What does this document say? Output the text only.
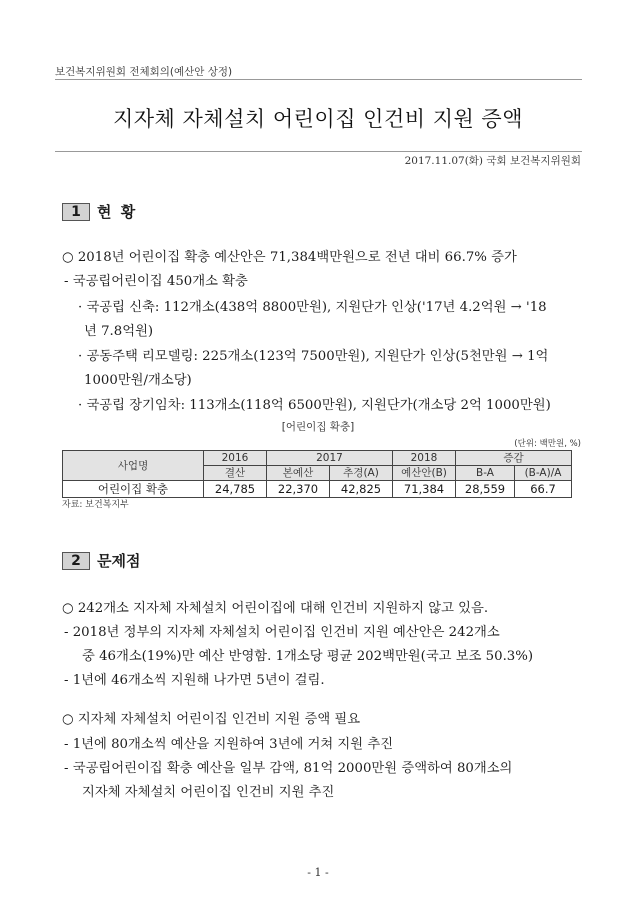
보건복지위원회 전체회의(예산안 상정)
지자체 자체설치 어린이집 인건비 지원 증액
2017.11.07(화) 국회 보건복지위원회
1	현 황
○ 2018년 어린이집 확충 예산안은 71,384백만원으로 전년 대비 66.7% 증가
- 국공립어린이집 450개소 확충
· 국공립 신축: 112개소(438억 8800만원), 지원단가 인상('17년 4.2억원 → '18
년 7.8억원)
· 공동주택 리모델링: 225개소(123억 7500만원), 지원단가 인상(5천만원 → 1억
1000만원/개소당)
· 국공립 장기임차: 113개소(118억 6500만원), 지원단가(개소당 2억 1000만원)
[어린이집 확충]
(단위: 백만원, %)
사업명	2016	2017		2018	증감	
	결산	본예산	추경(A)	예산안(B)	B-A	(B-A)/A
어린이집 확충	24,785	22,370	42,825	71,384	28,559	66.7
자료: 보건복지부
2	문제점
○ 242개소 지자체 자체설치 어린이집에 대해 인건비 지원하지 않고 있음.
- 2018년 정부의 지자체 자체설치 어린이집 인건비 지원 예산안은 242개소
중 46개소(19%)만 예산 반영함. 1개소당 평균 202백만원(국고 보조 50.3%)
- 1년에 46개소씩 지원해 나가면 5년이 걸림.
○ 지자체 자체설치 어린이집 인건비 지원 증액 필요
- 1년에 80개소씩 예산을 지원하여 3년에 거쳐 지원 추진
- 국공립어린이집 확충 예산을 일부 감액, 81억 2000만원 증액하여 80개소의
지자체 자체설치 어린이집 인건비 지원 추진
- 1 -
